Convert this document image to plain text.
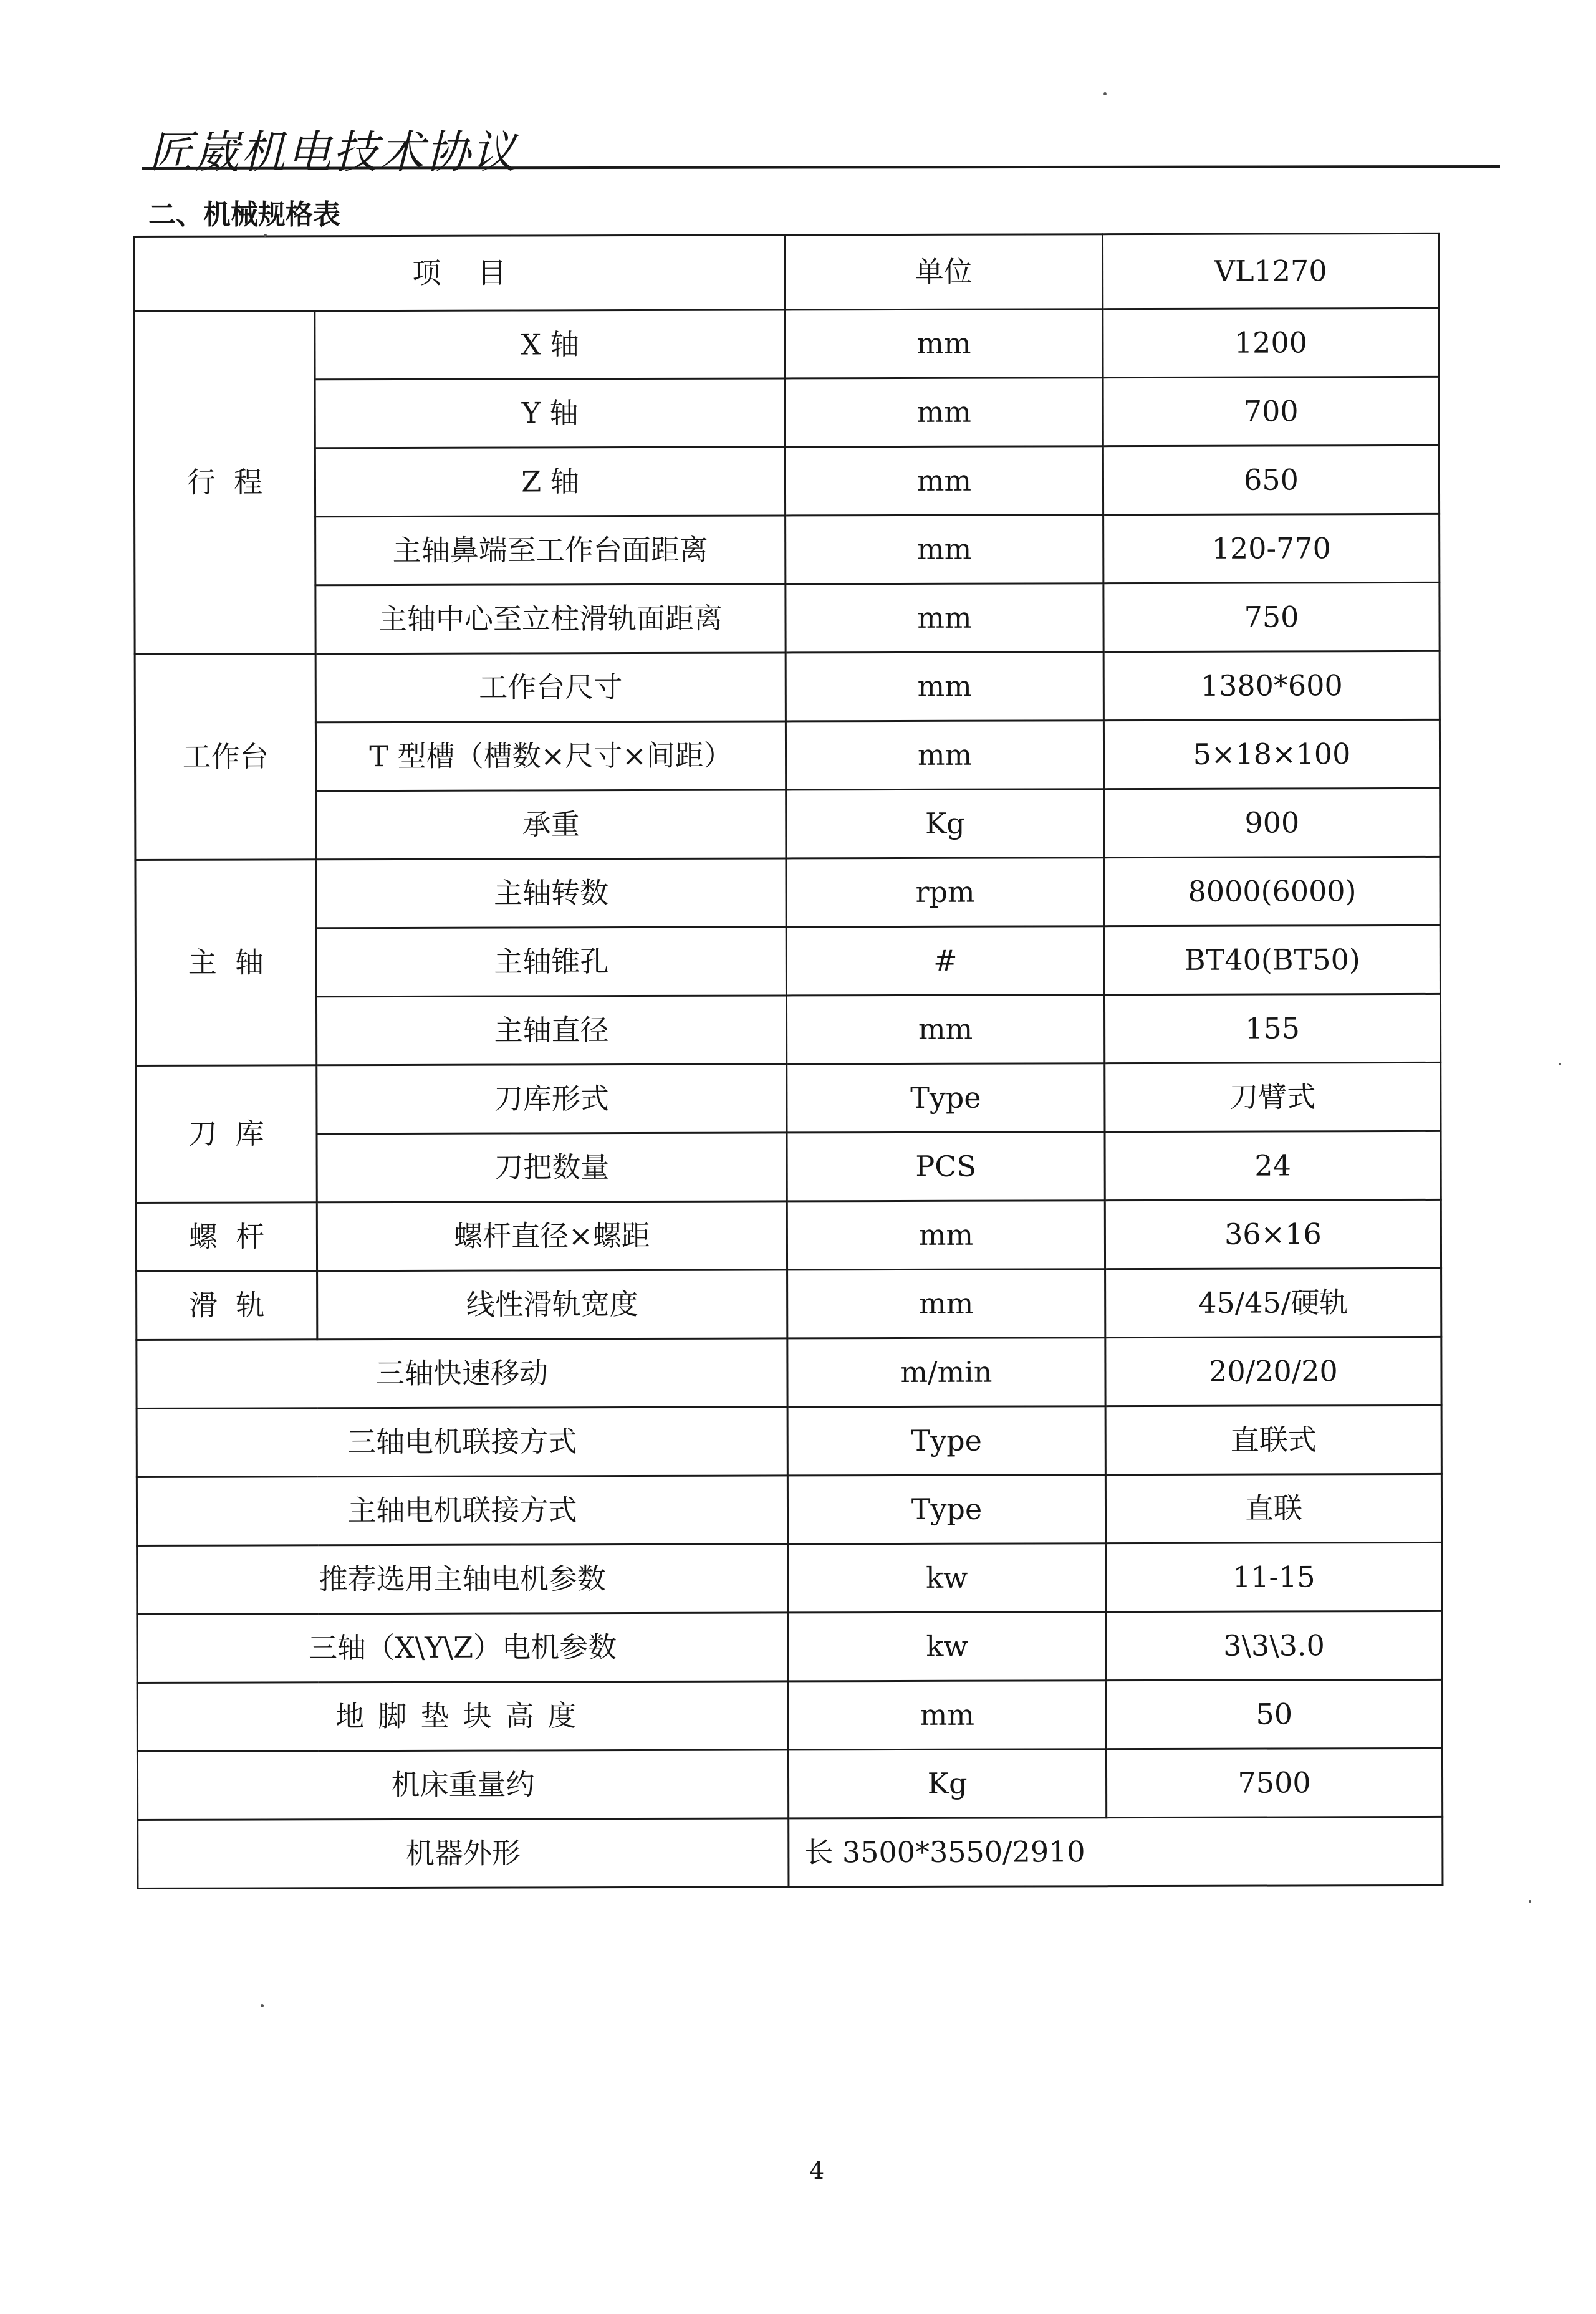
匠崴机电技术协议
二、机械规格表
项    目		单位	VL1270
行  程	X 轴	mm	1200
	Y 轴	mm	700
	Z 轴	mm	650
	主轴鼻端至工作台面距离	mm	120-770
	主轴中心至立柱滑轨面距离	mm	750
工作台	工作台尺寸	mm	1380*600
	T 型槽（槽数×尺寸×间距）	mm	5×18×100
	承重	Kg	900
主  轴	主轴转数	rpm	8000(6000)
	主轴锥孔	#	BT40(BT50)
	主轴直径	mm	155
刀  库	刀库形式	Type	刀臂式
	刀把数量	PCS	24
螺  杆	螺杆直径×螺距	mm	36×16
滑  轨	线性滑轨宽度	mm	45/45/硬轨
三轴快速移动		m/min	20/20/20
三轴电机联接方式		Type	直联式
主轴电机联接方式		Type	直联
推荐选用主轴电机参数		kw	11-15
三轴（X\Y\Z）电机参数		kw	3\3\3.0
地脚垫块高度		mm	50
机床重量约		Kg	7500
机器外形		长 3500*3550/2910	
4
